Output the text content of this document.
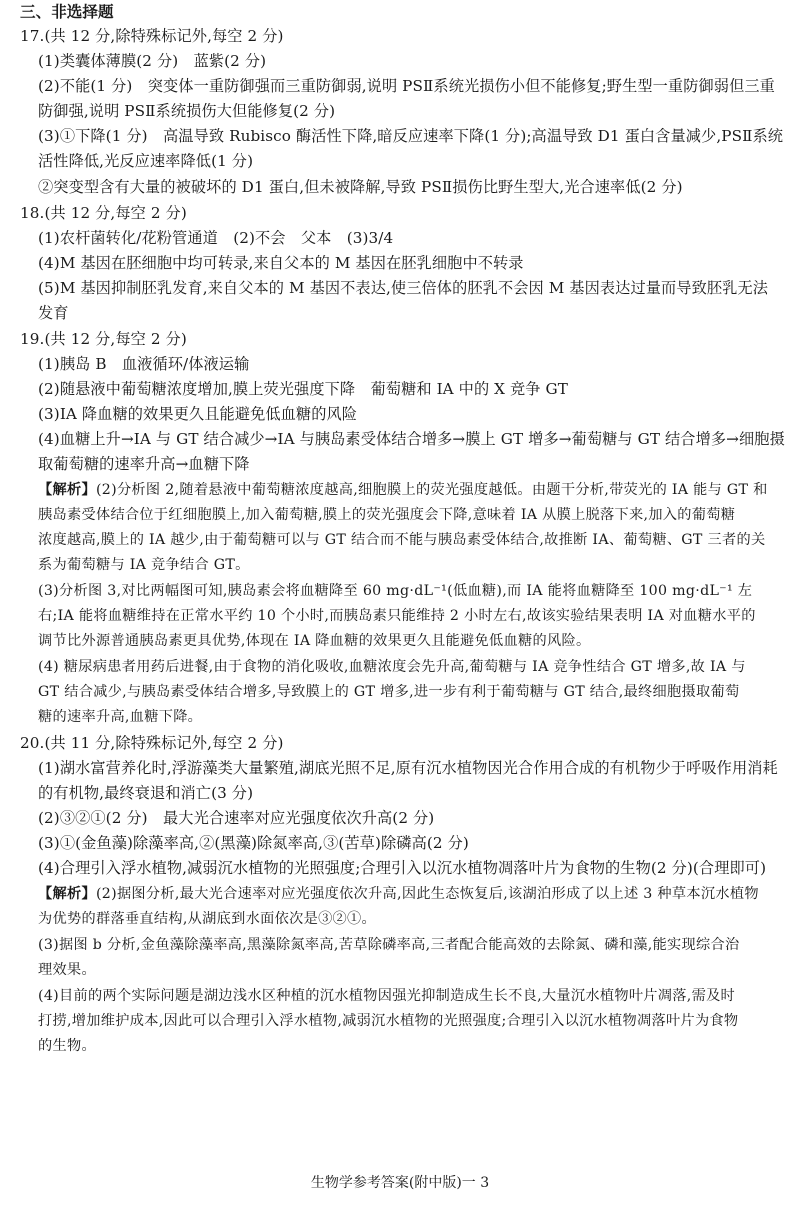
三、非选择题
17.(共 12 分,除特殊标记外,每空 2 分)
(1)类囊体薄膜(2 分)　蓝紫(2 分)
(2)不能(1 分)　突变体一重防御强而三重防御弱,说明 PSⅡ系统光损伤小但不能修复;野生型一重防御弱但三重
防御强,说明 PSⅡ系统损伤大但能修复(2 分)
(3)①下降(1 分)　高温导致 Rubisco 酶活性下降,暗反应速率下降(1 分);高温导致 D1 蛋白含量减少,PSⅡ系统
活性降低,光反应速率降低(1 分)
②突变型含有大量的被破坏的 D1 蛋白,但未被降解,导致 PSⅡ损伤比野生型大,光合速率低(2 分)
18.(共 12 分,每空 2 分)
(1)农杆菌转化/花粉管通道　(2)不会　父本　(3)3/4
(4)M 基因在胚细胞中均可转录,来自父本的 M 基因在胚乳细胞中不转录
(5)M 基因抑制胚乳发育,来自父本的 M 基因不表达,使三倍体的胚乳不会因 M 基因表达过量而导致胚乳无法
发育
19.(共 12 分,每空 2 分)
(1)胰岛 B　血液循环/体液运输
(2)随悬液中葡萄糖浓度增加,膜上荧光强度下降　葡萄糖和 IA 中的 X 竞争 GT
(3)IA 降血糖的效果更久且能避免低血糖的风险
(4)血糖上升→IA 与 GT 结合减少→IA 与胰岛素受体结合增多→膜上 GT 增多→葡萄糖与 GT 结合增多→细胞摄
取葡萄糖的速率升高→血糖下降
【解析】(2)分析图 2,随着悬液中葡萄糖浓度越高,细胞膜上的荧光强度越低。由题干分析,带荧光的 IA 能与 GT 和
胰岛素受体结合位于红细胞膜上,加入葡萄糖,膜上的荧光强度会下降,意味着 IA 从膜上脱落下来,加入的葡萄糖
浓度越高,膜上的 IA 越少,由于葡萄糖可以与 GT 结合而不能与胰岛素受体结合,故推断 IA、葡萄糖、GT 三者的关
系为葡萄糖与 IA 竞争结合 GT。
(3)分析图 3,对比两幅图可知,胰岛素会将血糖降至 60 mg·dL⁻¹(低血糖),而 IA 能将血糖降至 100 mg·dL⁻¹ 左
右;IA 能将血糖维持在正常水平约 10 个小时,而胰岛素只能维持 2 小时左右,故该实验结果表明 IA 对血糖水平的
调节比外源普通胰岛素更具优势,体现在 IA 降血糖的效果更久且能避免低血糖的风险。
(4) 糖尿病患者用药后进餐,由于食物的消化吸收,血糖浓度会先升高,葡萄糖与 IA 竞争性结合 GT 增多,故 IA 与
GT 结合减少,与胰岛素受体结合增多,导致膜上的 GT 增多,进一步有利于葡萄糖与 GT 结合,最终细胞摄取葡萄
糖的速率升高,血糖下降。
20.(共 11 分,除特殊标记外,每空 2 分)
(1)湖水富营养化时,浮游藻类大量繁殖,湖底光照不足,原有沉水植物因光合作用合成的有机物少于呼吸作用消耗
的有机物,最终衰退和消亡(3 分)
(2)③②①(2 分)　最大光合速率对应光强度依次升高(2 分)
(3)①(金鱼藻)除藻率高,②(黑藻)除氮率高,③(苦草)除磷高(2 分)
(4)合理引入浮水植物,减弱沉水植物的光照强度;合理引入以沉水植物凋落叶片为食物的生物(2 分)(合理即可)
【解析】(2)据图分析,最大光合速率对应光强度依次升高,因此生态恢复后,该湖泊形成了以上述 3 种草本沉水植物
为优势的群落垂直结构,从湖底到水面依次是③②①。
(3)据图 b 分析,金鱼藻除藻率高,黑藻除氮率高,苦草除磷率高,三者配合能高效的去除氮、磷和藻,能实现综合治
理效果。
(4)目前的两个实际问题是湖边浅水区种植的沉水植物因强光抑制造成生长不良,大量沉水植物叶片凋落,需及时
打捞,增加维护成本,因此可以合理引入浮水植物,减弱沉水植物的光照强度;合理引入以沉水植物凋落叶片为食物
的生物。
生物学参考答案(附中版)一 3
